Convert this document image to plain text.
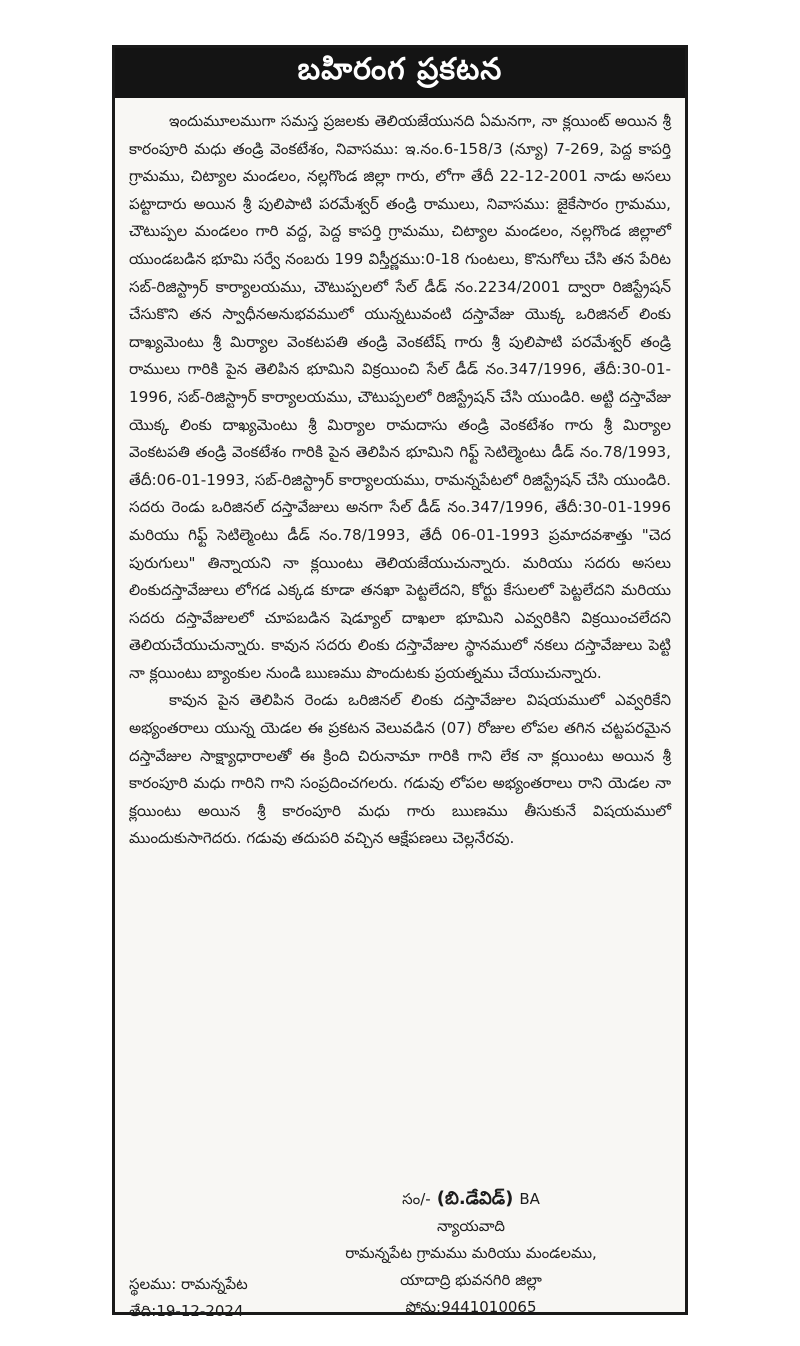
బహిరంగ ప్రకటన

ఇందుమూలముగా సమస్త ప్రజలకు తెలియజేయునది ఏమనగా, నా క్లయింట్ అయిన శ్రీ కారంపూరి మధు తండ్రి వెంకటేశం, నివాసము: ఇ.నం.6-158/3 (న్యూ) 7-269, పెద్ద కాపర్తి గ్రామము, చిట్యాల మండలం, నల్లగొండ జిల్లా గారు, లోగా తేదీ 22-12-2001 నాడు అసలు పట్టాదారు అయిన శ్రీ పులిపాటి పరమేశ్వర్ తండ్రి రాములు, నివాసము: జైకేసారం గ్రామము, చౌటుప్పల మండలం గారి వద్ద, పెద్ద కాపర్తి గ్రామము, చిట్యాల మండలం, నల్లగొండ జిల్లాలో యుండబడిన భూమి సర్వే నంబరు 199 విస్తీర్ణము:0-18 గుంటలు, కొనుగోలు చేసి తన పేరిట సబ్-రిజిస్ట్రార్ కార్యాలయము, చౌటుప్పలలో సేల్ డీడ్ నం.2234/2001 ద్వారా రిజిస్ట్రేషన్ చేసుకొని తన స్వాధీనఅనుభవములో యున్నటువంటి దస్తావేజు యొక్క ఒరిజినల్ లింకు దాఖ్యమెంటు శ్రీ మిర్యాల వెంకటపతి తండ్రి వెంకటేష్ గారు శ్రీ పులిపాటి పరమేశ్వర్ తండ్రి రాములు గారికి పైన తెలిపిన భూమిని విక్రయించి సేల్ డీడ్ నం.347/1996, తేదీ:30-01-1996, సబ్-రిజిస్ట్రార్ కార్యాలయము, చౌటుప్పలలో రిజిస్ట్రేషన్ చేసి యుండిరి. అట్టి దస్తావేజు యొక్క లింకు దాఖ్యమెంటు శ్రీ మిర్యాల రామదాసు తండ్రి వెంకటేశం గారు శ్రీ మిర్యాల వెంకటపతి తండ్రి వెంకటేశం గారికి పైన తెలిపిన భూమిని గిఫ్ట్ సెటిల్మెంటు డీడ్ నం.78/1993, తేదీ:06-01-1993, సబ్-రిజిస్ట్రార్ కార్యాలయము, రామన్నపేటలో రిజిస్ట్రేషన్ చేసి యుండిరి. సదరు రెండు ఒరిజినల్ దస్తావేజులు అనగా సేల్ డీడ్ నం.347/1996, తేదీ:30-01-1996 మరియు గిఫ్ట్ సెటిల్మెంటు డీడ్ నం.78/1993, తేదీ 06-01-1993 ప్రమాదవశాత్తు "చెద పురుగులు" తిన్నాయని నా క్లయింటు తెలియజేయుచున్నారు. మరియు సదరు అసలు లింకుదస్తావేజులు లోగడ ఎక్కడ కూడా తనఖా పెట్టలేదని, కోర్టు కేసులలో పెట్టలేదని మరియు సదరు దస్తావేజులలో చూపబడిన షెడ్యూల్ దాఖలా భూమిని ఎవ్వరికిని విక్రయించలేదని తెలియచేయుచున్నారు. కావున సదరు లింకు దస్తావేజుల స్థానములో నకలు దస్తావేజులు పెట్టి నా క్లయింటు బ్యాంకుల నుండి ఋణము పొందుటకు ప్రయత్నము చేయుచున్నారు.

కావున పైన తెలిపిన రెండు ఒరిజినల్ లింకు దస్తావేజుల విషయములో ఎవ్వరికేని అభ్యంతరాలు యున్న యెడల ఈ ప్రకటన వెలువడిన (07) రోజుల లోపల తగిన చట్టపరమైన దస్తావేజుల సాక్ష్యాధారాలతో ఈ క్రింది చిరునామా గారికి గాని లేక నా క్లయింటు అయిన శ్రీ కారంపూరి మధు గారిని గాని సంప్రదించగలరు. గడువు లోపల అభ్యంతరాలు రాని యెడల నా క్లయింటు అయిన శ్రీ కారంపూరి మధు గారు ఋణము తీసుకునే విషయములో ముందుకుసాగెదరు. గడువు తదుపరి వచ్చిన ఆక్షేపణలు చెల్లనేరవు.

సం/- (బి.డేవిడ్) BA
న్యాయవాది
రామన్నపేట గ్రామము మరియు మండలము,
యాదాద్రి భువనగిరి జిల్లా
ఫోను:9441010065
స్థలము: రామన్నపేట
తేది:19-12-2024
